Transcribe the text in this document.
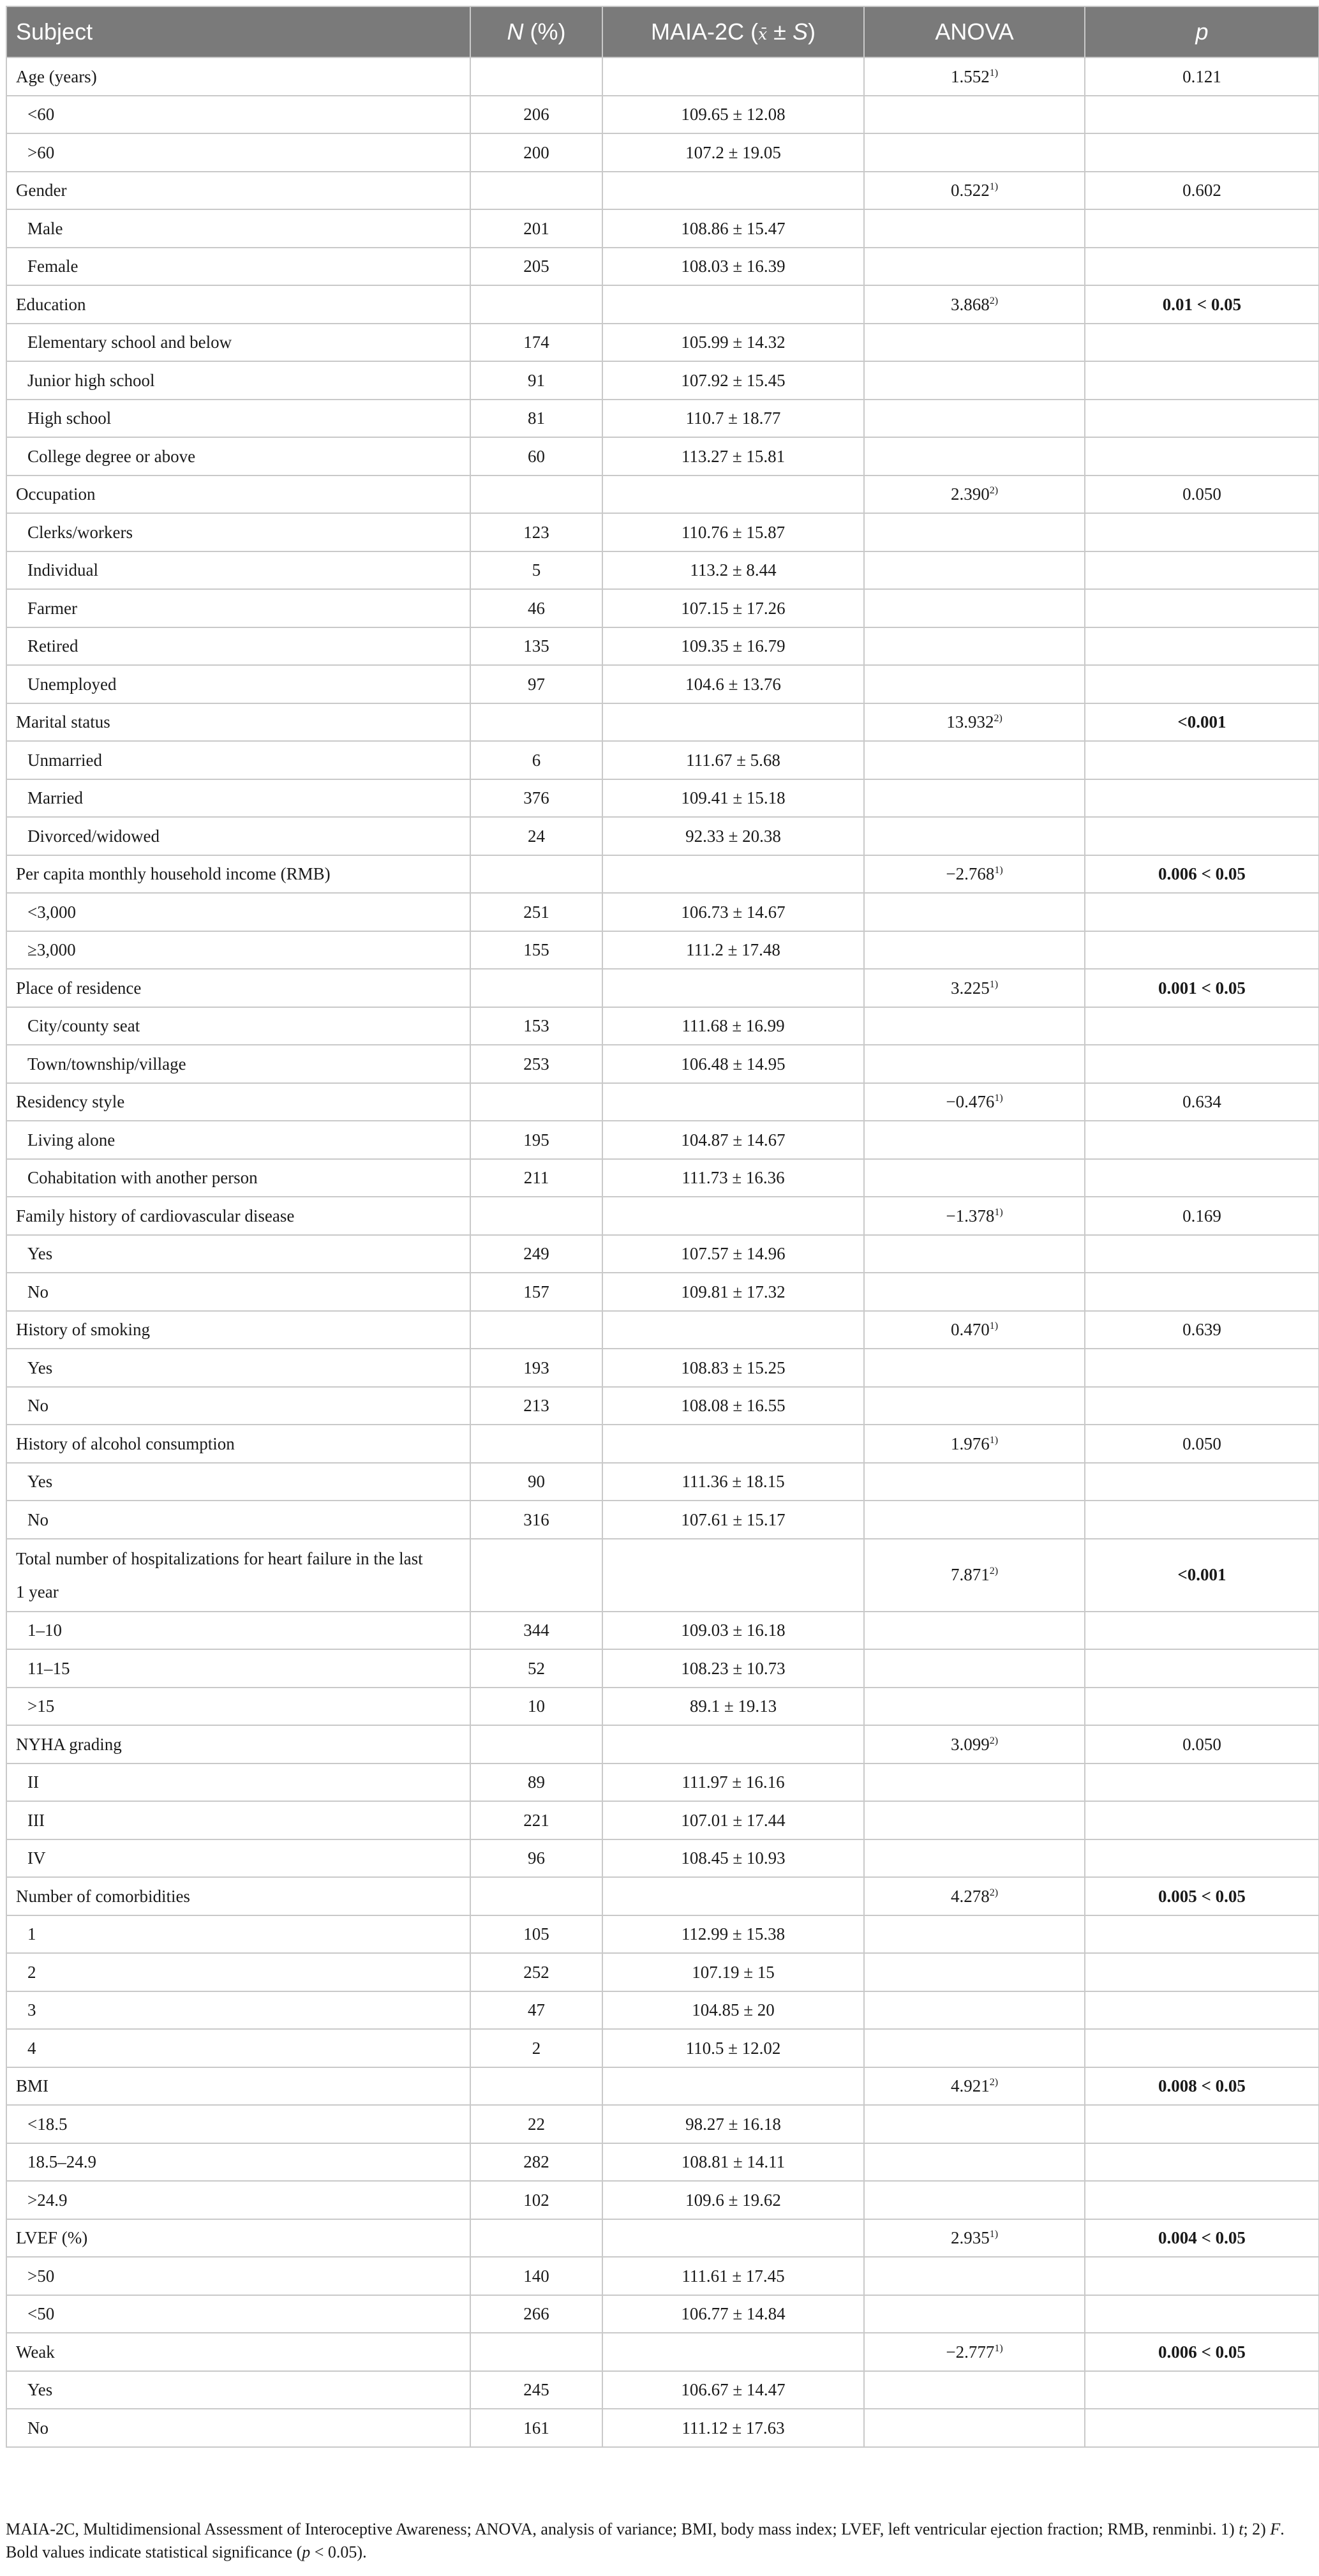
Subject	N (%)	MAIA-2C (x̄ ± S)	ANOVA	p
Age (years)			1.552$^{1)}$	0.121
<60	206	109.65 ± 12.08		
>60	200	107.2 ± 19.05		
Gender			0.522$^{1)}$	0.602
Male	201	108.86 ± 15.47		
Female	205	108.03 ± 16.39		
Education			3.868$^{2)}$	0.01 < 0.05
Elementary school and below	174	105.99 ± 14.32		
Junior high school	91	107.92 ± 15.45		
High school	81	110.7 ± 18.77		
College degree or above	60	113.27 ± 15.81		
Occupation			2.390$^{2)}$	0.050
Clerks/workers	123	110.76 ± 15.87		
Individual	5	113.2 ± 8.44		
Farmer	46	107.15 ± 17.26		
Retired	135	109.35 ± 16.79		
Unemployed	97	104.6 ± 13.76		
Marital status			13.932$^{2)}$	<0.001
Unmarried	6	111.67 ± 5.68		
Married	376	109.41 ± 15.18		
Divorced/widowed	24	92.33 ± 20.38		
Per capita monthly household income (RMB)			−2.768$^{1)}$	0.006 < 0.05
<3,000	251	106.73 ± 14.67		
≥3,000	155	111.2 ± 17.48		
Place of residence			3.225$^{1)}$	0.001 < 0.05
City/county seat	153	111.68 ± 16.99		
Town/township/village	253	106.48 ± 14.95		
Residency style			−0.476$^{1)}$	0.634
Living alone	195	104.87 ± 14.67		
Cohabitation with another person	211	111.73 ± 16.36		
Family history of cardiovascular disease			−1.378$^{1)}$	0.169
Yes	249	107.57 ± 14.96		
No	157	109.81 ± 17.32		
History of smoking			0.470$^{1)}$	0.639
Yes	193	108.83 ± 15.25		
No	213	108.08 ± 16.55		
History of alcohol consumption			1.976$^{1)}$	0.050
Yes	90	111.36 ± 18.15		
No	316	107.61 ± 15.17		
Total number of hospitalizations for heart failure in the last
1 year			7.871$^{2)}$	<0.001
1–10	344	109.03 ± 16.18		
11–15	52	108.23 ± 10.73		
>15	10	89.1 ± 19.13		
NYHA grading			3.099$^{2)}$	0.050
II	89	111.97 ± 16.16		
III	221	107.01 ± 17.44		
IV	96	108.45 ± 10.93		
Number of comorbidities			4.278$^{2)}$	0.005 < 0.05
1	105	112.99 ± 15.38		
2	252	107.19 ± 15		
3	47	104.85 ± 20		
4	2	110.5 ± 12.02		
BMI			4.921$^{2)}$	0.008 < 0.05
<18.5	22	98.27 ± 16.18		
18.5–24.9	282	108.81 ± 14.11		
>24.9	102	109.6 ± 19.62		
LVEF (%)			2.935$^{1)}$	0.004 < 0.05
>50	140	111.61 ± 17.45		
<50	266	106.77 ± 14.84		
Weak			−2.777$^{1)}$	0.006 < 0.05
Yes	245	106.67 ± 14.47		
No	161	111.12 ± 17.63		

MAIA-2C, Multidimensional Assessment of Interoceptive Awareness; ANOVA, analysis of variance; BMI, body mass index; LVEF, left ventricular ejection fraction; RMB, renminbi. 1) t; 2) F.

Bold values indicate statistical significance (p < 0.05).
